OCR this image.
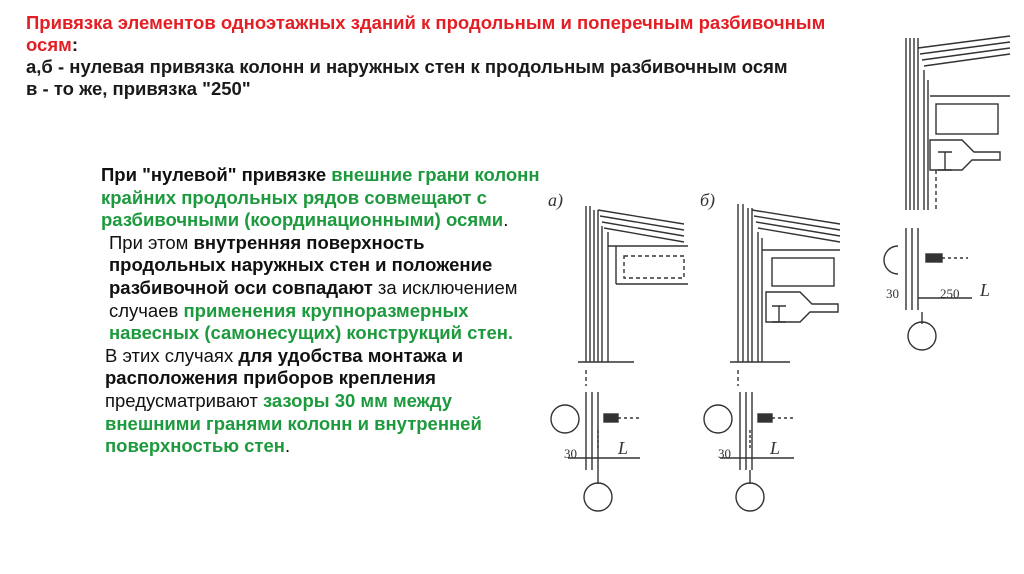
Привязка элементов одноэтажных зданий к продольным и поперечным разбивочным осям:
а,б - нулевая привязка колонн и наружных стен к продольным разбивочным осям
в - то же, привязка "250"

При "нулевой" привязке внешние грани колонн крайних продольных рядов совмещают с разбивочными (координационными) осями.

При этом внутренняя поверхность продольных наружных стен и положение разбивочной оси совпадают за исключением случаев применения крупноразмерных навесных (самонесущих) конструкций стен.

В этих случаях для удобства монтажа и расположения приборов крепления предусматривают зазоры 30 мм между внешними гранями колонн и внутренней поверхностью стен.

а)	б)
30 L	30 L
30	250 L
